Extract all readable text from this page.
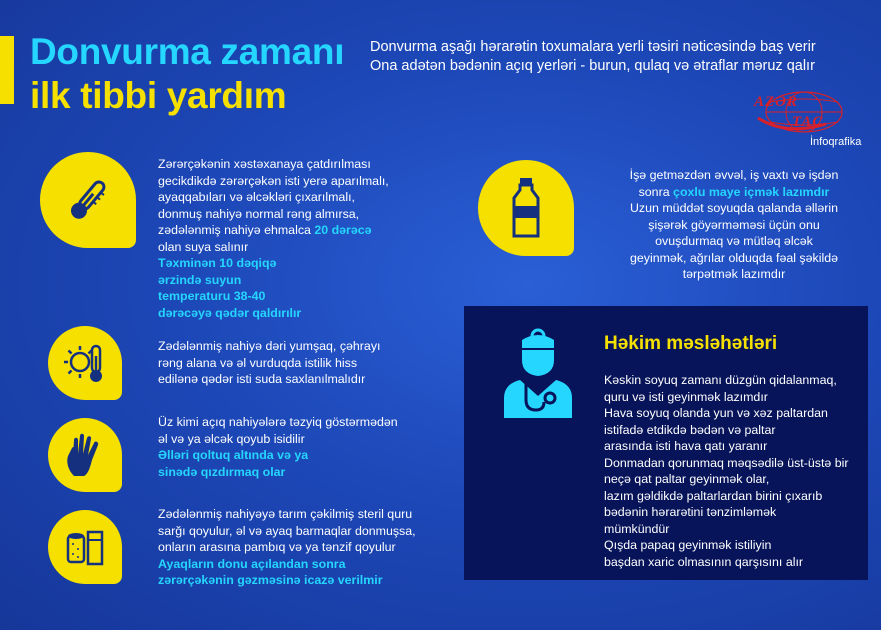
Donvurma zamanı
ilk tibbi yardım
Donvurma aşağı hərarətin toxumalara yerli təsiri nəticəsində baş verir
Ona adətən bədənin açıq yerləri - burun, qulaq və ətraflar məruz qalır
AZƏR
TAC
İnfoqrafika
Zərərçəkənin xəstəxanaya çatdırılması
gecikdikdə zərərçəkən isti yerə aparılmalı,
ayaqqabıları və əlcəkləri çıxarılmalı,
donmuş nahiyə normal rəng almırsa,
zədələnmiş nahiyə ehmalca 20 dərəcə
olan suya salınır
Təxminən 10 dəqiqə
ərzində suyun
temperaturu 38-40
dərəcəyə qədər qaldırılır
Zədələnmiş nahiyə dəri yumşaq, çəhrayı
rəng alana və əl vurduqda istilik hiss
edilənə qədər isti suda saxlanılmalıdır
Üz kimi açıq nahiyələrə təzyiq göstərmədən
əl və ya əlcək qoyub isidilir
Əlləri qoltuq altında və ya
sinədə qızdırmaq olar
Zədələnmiş nahiyəyə tarım çəkilmiş steril quru
sarğı qoyulur, əl və ayaq barmaqlar donmuşsa,
onların arasına pambıq və ya tənzif qoyulur
Ayaqların donu açılandan sonra
zərərçəkənin gəzməsinə icazə verilmir
İşə getməzdən əvvəl, iş vaxtı və işdən
sonra çoxlu maye içmək lazımdır
Uzun müddət soyuqda qalanda əllərin
şişərək göyərməməsi üçün onu
ovuşdurmaq və mütləq əlcək
geyinmək, ağrılar olduqda fəal şəkildə
tərpətmək lazımdır
Həkim məsləhətləri
Kəskin soyuq zamanı düzgün qidalanmaq,
quru və isti geyinmək lazımdır
Hava soyuq olanda yun və xəz paltardan
istifadə etdikdə bədən və paltar
arasında isti hava qatı yaranır
Donmadan qorunmaq məqsədilə üst-üstə bir
neçə qat paltar geyinmək olar,
lazım gəldikdə paltarlardan birini çıxarıb
bədənin hərarətini tənzimləmək
mümkündür
Qışda papaq geyinmək istiliyin
başdan xaric olmasının qarşısını alır
